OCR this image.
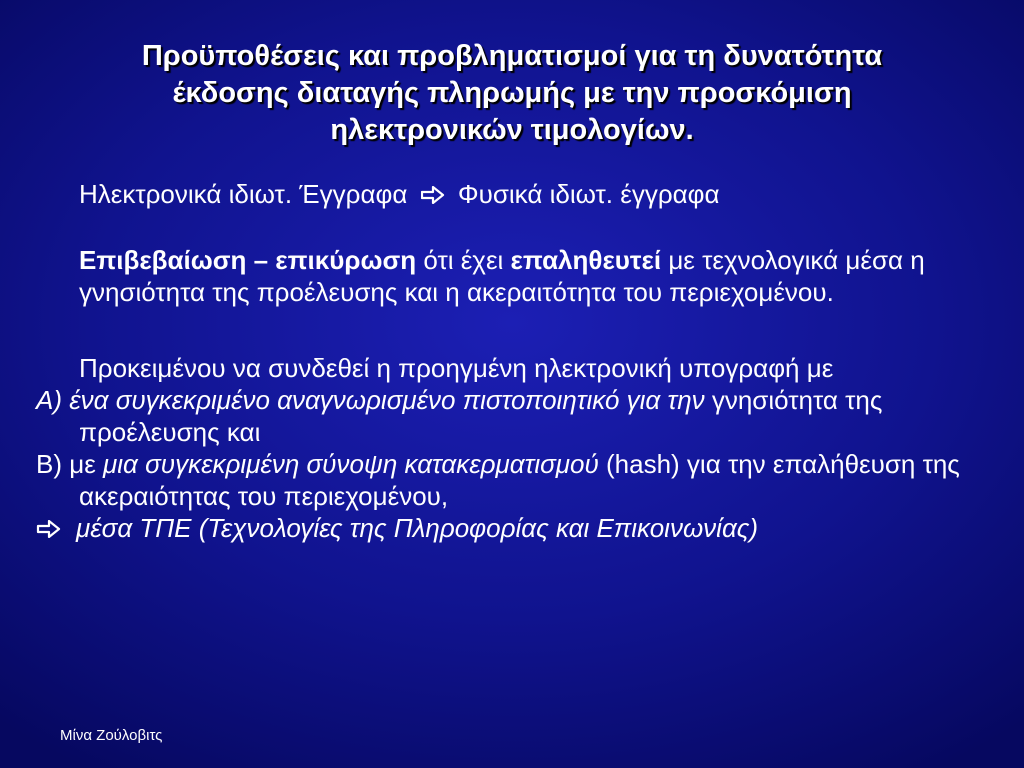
Προϋποθέσεις και προβληματισμοί για τη δυνατότητα
έκδοσης διαταγής πληρωμής με την προσκόμιση
ηλεκτρονικών τιμολογίων.
Ηλεκτρονικά ιδιωτ. Έγγραφα Φυσικά ιδιωτ. έγγραφα
Επιβεβαίωση – επικύρωση ότι έχει επαληθευτεί με τεχνολογικά μέσα η γνησιότητα της προέλευσης και η ακεραιτότητα του περιεχομένου.
Προκειμένου να συνδεθεί η προηγμένη ηλεκτρονική υπογραφή με
Α) ένα συγκεκριμένο αναγνωρισμένο πιστοποιητικό για την γνησιότητα της προέλευσης και
Β) με μια συγκεκριμένη σύνοψη κατακερματισμού (hash) για την επαλήθευση της ακεραιότητας του περιεχομένου,
μέσα ΤΠΕ (Τεχνολογίες της Πληροφορίας και Επικοινωνίας)
Μίνα Ζούλοβιτς
